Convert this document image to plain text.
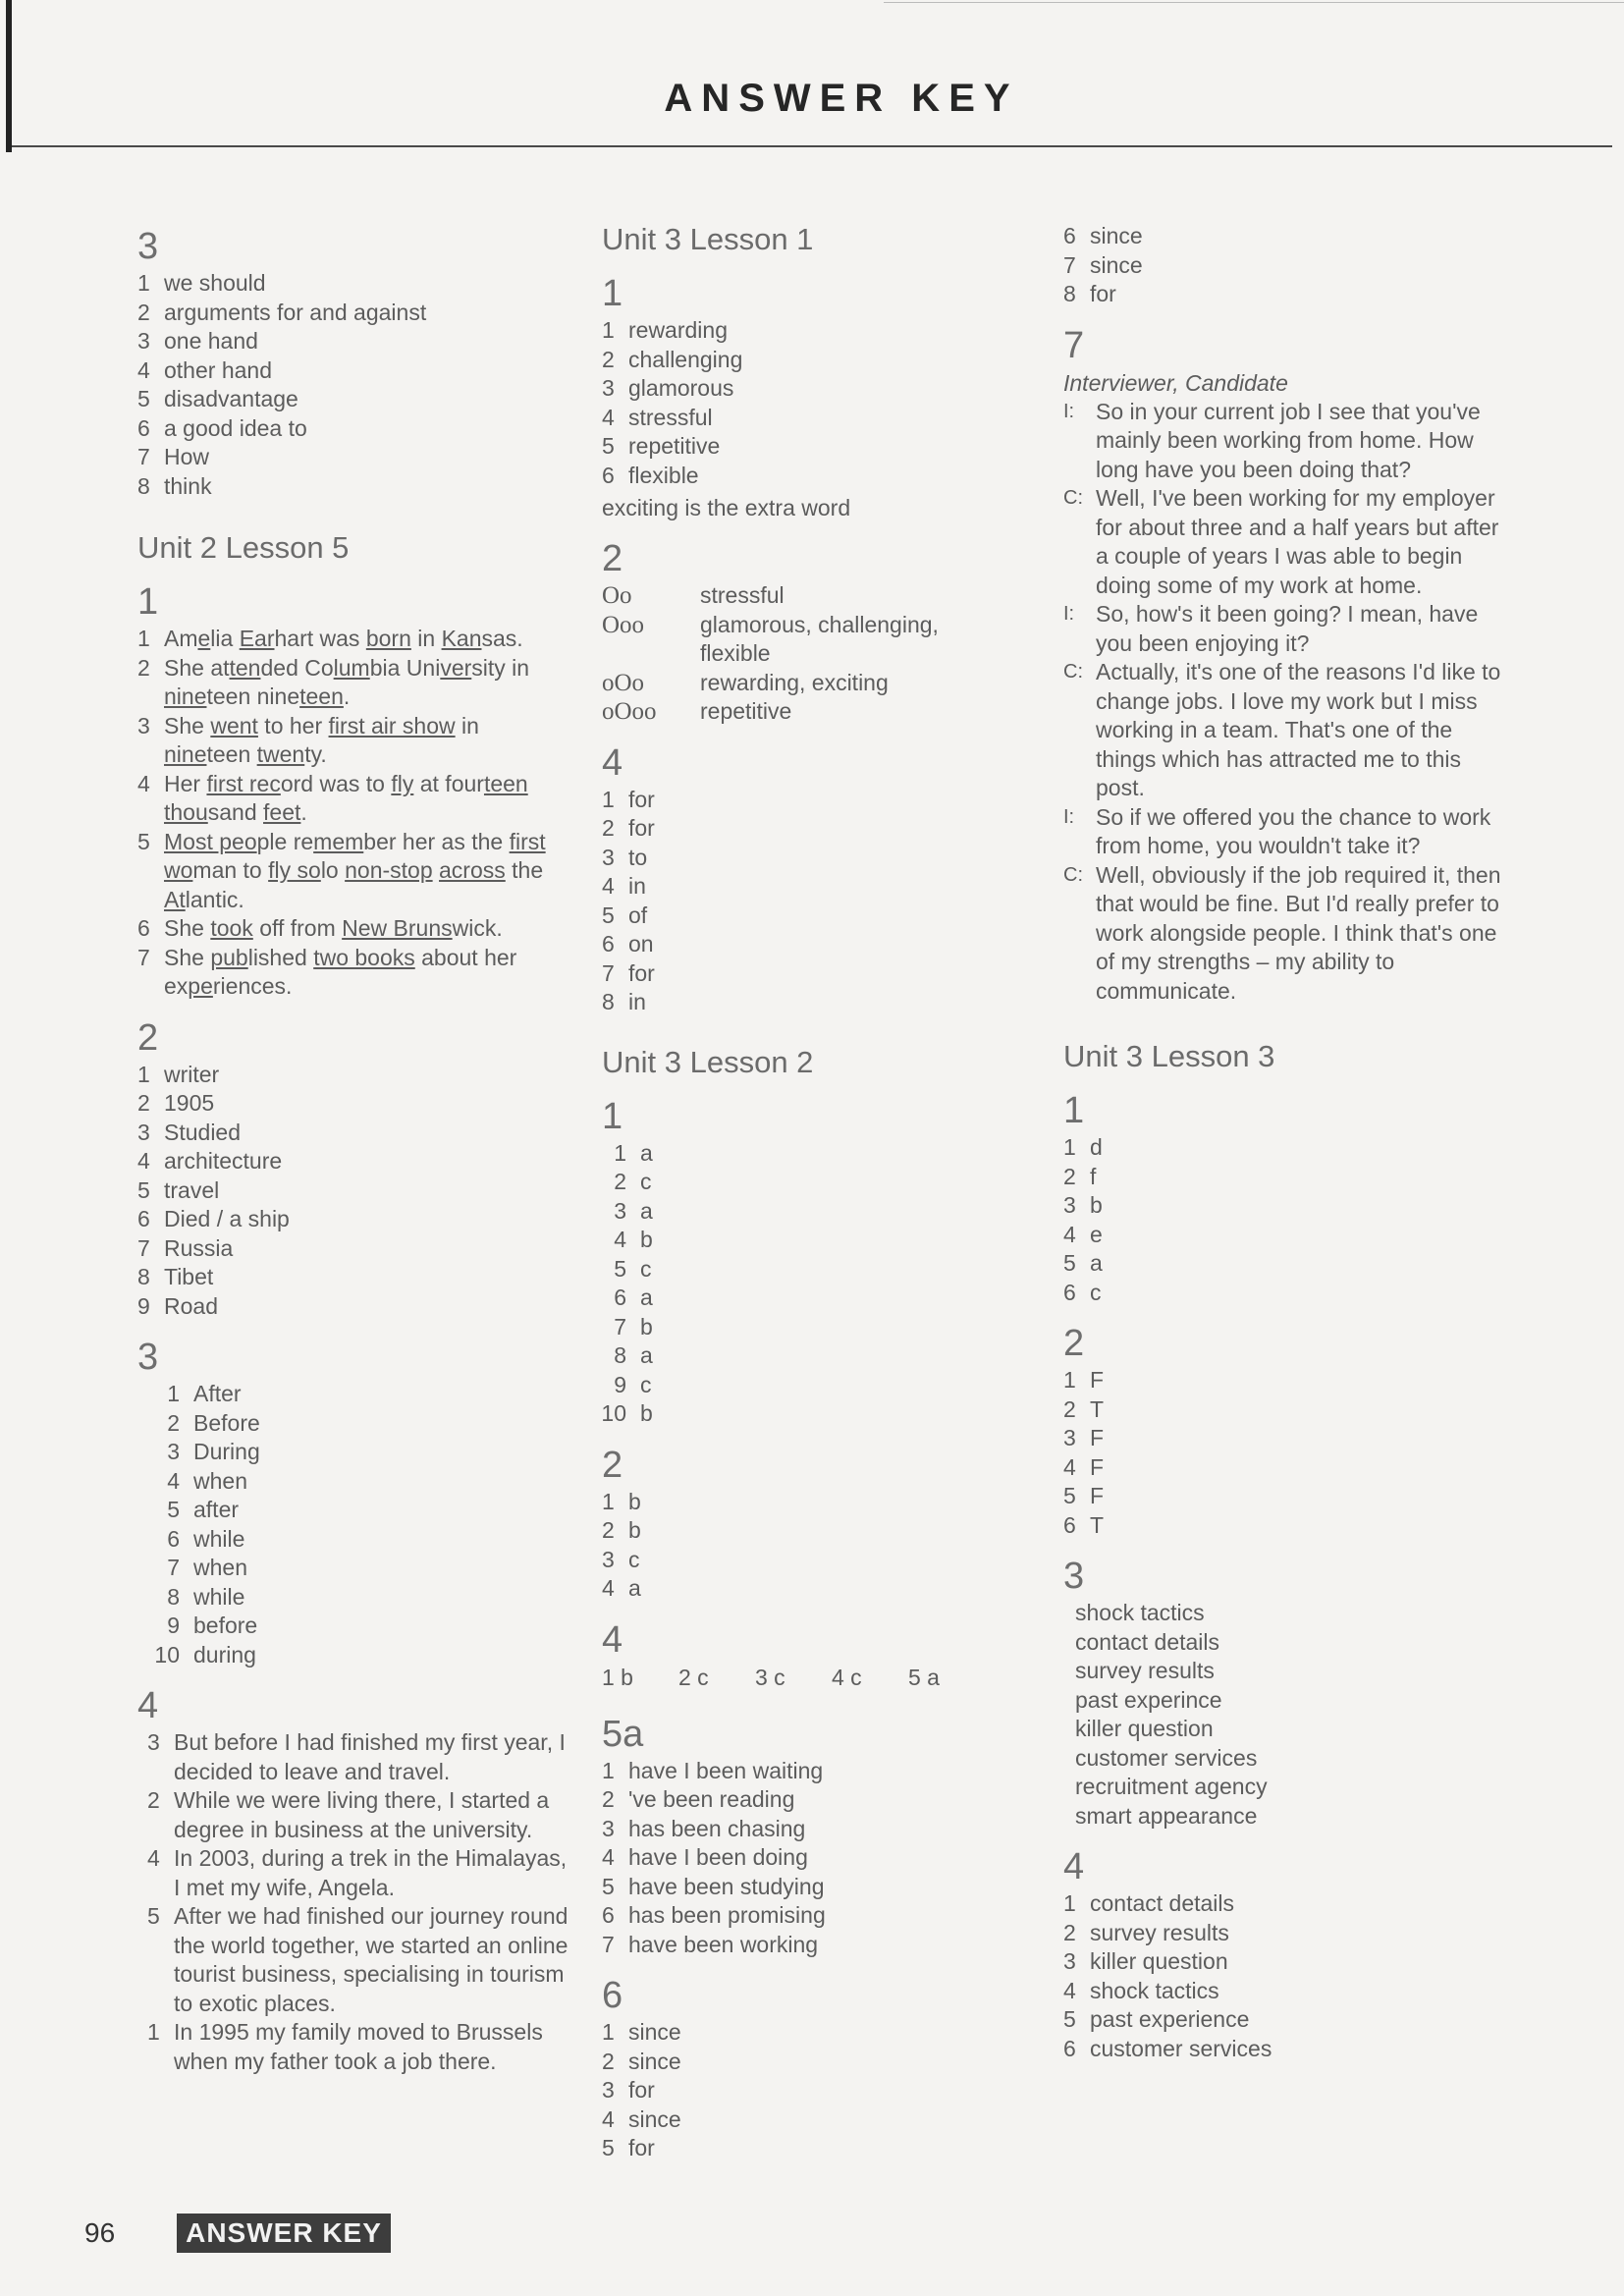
ANSWER KEY
3
1 we should
2 arguments for and against
3 one hand
4 other hand
5 disadvantage
6 a good idea to
7 How
8 think
Unit 2 Lesson 5
1
1 Amelia Earhart was born in Kansas.
2 She attended Columbia University in nineteen nineteen.
3 She went to her first air show in nineteen twenty.
4 Her first record was to fly at fourteen thousand feet.
5 Most people remember her as the first woman to fly solo non-stop across the Atlantic.
6 She took off from New Brunswick.
7 She published two books about her experiences.
2
1 writer
2 1905
3 Studied
4 architecture
5 travel
6 Died / a ship
7 Russia
8 Tibet
9 Road
3
1 After
2 Before
3 During
4 when
5 after
6 while
7 when
8 while
9 before
10 during
4
3 But before I had finished my first year, I decided to leave and travel.
2 While we were living there, I started a degree in business at the university.
4 In 2003, during a trek in the Himalayas, I met my wife, Angela.
5 After we had finished our journey round the world together, we started an online tourist business, specialising in tourism to exotic places.
1 In 1995 my family moved to Brussels when my father took a job there.
Unit 3 Lesson 1
1
1 rewarding
2 challenging
3 glamorous
4 stressful
5 repetitive
6 flexible
exciting is the extra word
2
Oo	stressful
Ooo	glamorous, challenging, flexible
oOo	rewarding, exciting
oOoo	repetitive
4
1 for
2 for
3 to
4 in
5 of
6 on
7 for
8 in
Unit 3 Lesson 2
1
1 a
2 c
3 a
4 b
5 c
6 a
7 b
8 a
9 c
10 b
2
1 b
2 b
3 c
4 a
4
1 b	2 c	3 c	4 c	5 a
5a
1 have I been waiting
2 've been reading
3 has been chasing
4 have I been doing
5 have been studying
6 has been promising
7 have been working
6
1 since
2 since
3 for
4 since
5 for
6 since
7 since
8 for
7
Interviewer, Candidate
I: So in your current job I see that you've mainly been working from home. How long have you been doing that?
C: Well, I've been working for my employer for about three and a half years but after a couple of years I was able to begin doing some of my work at home.
I: So, how's it been going? I mean, have you been enjoying it?
C: Actually, it's one of the reasons I'd like to change jobs. I love my work but I miss working in a team. That's one of the things which has attracted me to this post.
I: So if we offered you the chance to work from home, you wouldn't take it?
C: Well, obviously if the job required it, then that would be fine. But I'd really prefer to work alongside people. I think that's one of my strengths – my ability to communicate.
Unit 3 Lesson 3
1
1 d
2 f
3 b
4 e
5 a
6 c
2
1 F
2 T
3 F
4 F
5 F
6 T
3
shock tactics
contact details
survey results
past experince
killer question
customer services
recruitment agency
smart appearance
4
1 contact details
2 survey results
3 killer question
4 shock tactics
5 past experience
6 customer services
96	ANSWER KEY
